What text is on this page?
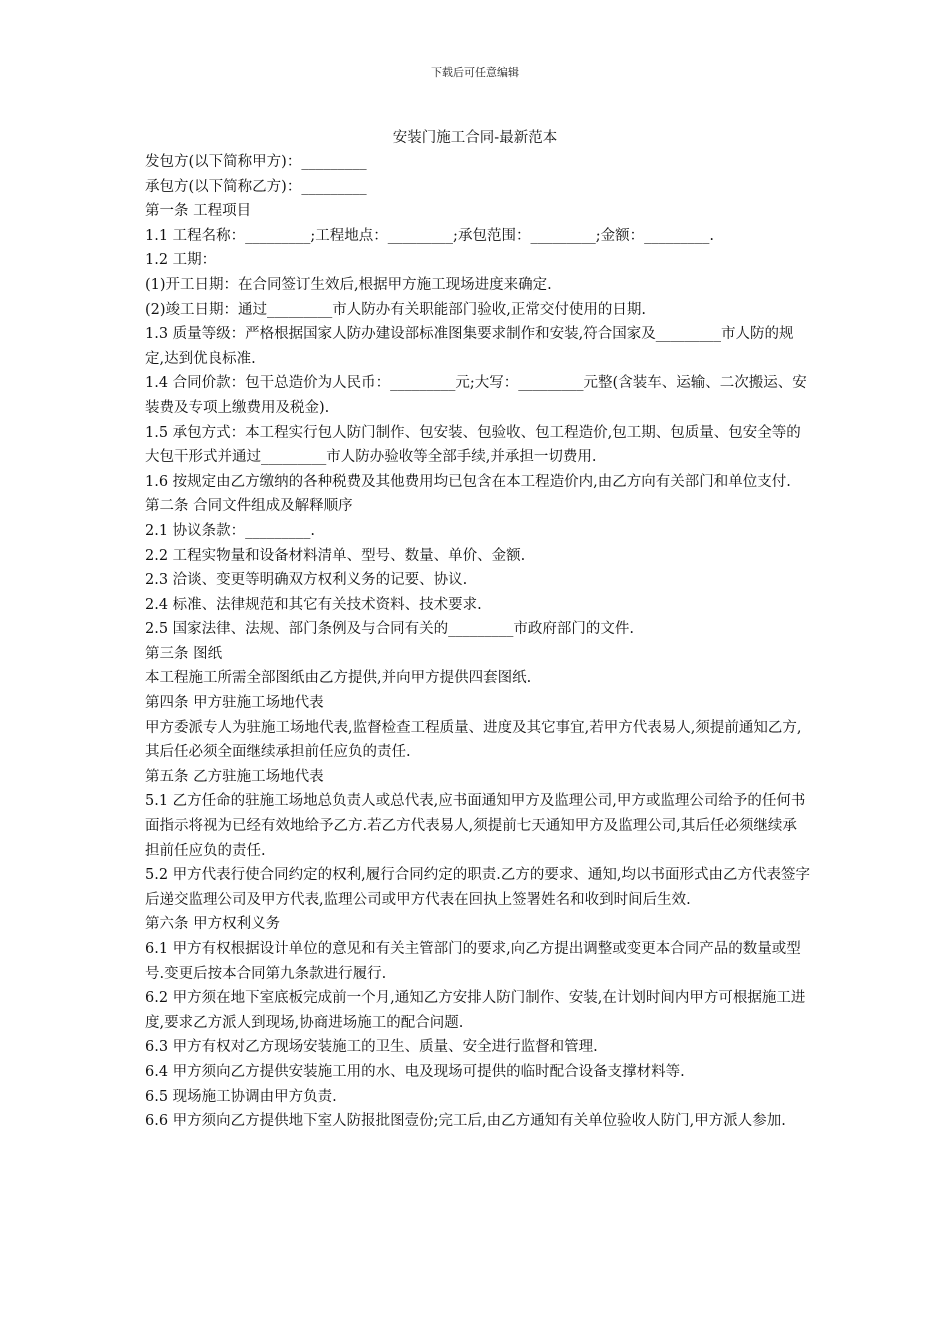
下载后可任意编辑
安装门施工合同-最新范本

发包方(以下简称甲方)：_________

承包方(以下简称乙方)：_________

第一条 工程项目

1.1 工程名称：_________;工程地点：_________;承包范围：_________;金额：_________.

1.2 工期：

(1)开工日期：在合同签订生效后,根据甲方施工现场进度来确定.

(2)竣工日期：通过_________市人防办有关职能部门验收,正常交付使用的日期.

1.3 质量等级：严格根据国家人防办建设部标准图集要求制作和安装,符合国家及_________市人防的规定,达到优良标准.

1.4 合同价款：包干总造价为人民币：_________元;大写：_________元整(含装车、运输、二次搬运、安装费及专项上缴费用及税金).

1.5 承包方式：本工程实行包人防门制作、包安装、包验收、包工程造价,包工期、包质量、包安全等的大包干形式并通过_________市人防办验收等全部手续,并承担一切费用.

1.6 按规定由乙方缴纳的各种税费及其他费用均已包含在本工程造价内,由乙方向有关部门和单位支付.

第二条 合同文件组成及解释顺序

2.1 协议条款：_________.

2.2 工程实物量和设备材料清单、型号、数量、单价、金额.

2.3 洽谈、变更等明确双方权利义务的记要、协议.

2.4 标准、法律规范和其它有关技术资料、技术要求.

2.5 国家法律、法规、部门条例及与合同有关的_________市政府部门的文件.

第三条 图纸

本工程施工所需全部图纸由乙方提供,并向甲方提供四套图纸.

第四条 甲方驻施工场地代表

甲方委派专人为驻施工场地代表,监督检查工程质量、进度及其它事宜,若甲方代表易人,须提前通知乙方,其后任必须全面继续承担前任应负的责任.

第五条 乙方驻施工场地代表

5.1 乙方任命的驻施工场地总负责人或总代表,应书面通知甲方及监理公司,甲方或监理公司给予的任何书面指示将视为已经有效地给予乙方.若乙方代表易人,须提前七天通知甲方及监理公司,其后任必须继续承担前任应负的责任.

5.2 甲方代表行使合同约定的权利,履行合同约定的职责.乙方的要求、通知,均以书面形式由乙方代表签字后递交监理公司及甲方代表,监理公司或甲方代表在回执上签署姓名和收到时间后生效.

第六条 甲方权利义务

6.1 甲方有权根据设计单位的意见和有关主管部门的要求,向乙方提出调整或变更本合同产品的数量或型号.变更后按本合同第九条款进行履行.

6.2 甲方须在地下室底板完成前一个月,通知乙方安排人防门制作、安装,在计划时间内甲方可根据施工进度,要求乙方派人到现场,协商进场施工的配合问题.

6.3 甲方有权对乙方现场安装施工的卫生、质量、安全进行监督和管理.

6.4 甲方须向乙方提供安装施工用的水、电及现场可提供的临时配合设备支撑材料等.

6.5 现场施工协调由甲方负责.

6.6 甲方须向乙方提供地下室人防报批图壹份;完工后,由乙方通知有关单位验收人防门,甲方派人参加.
